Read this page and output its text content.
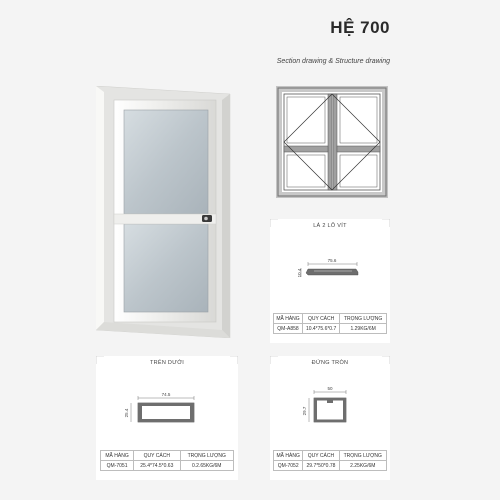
HỆ 700
Section drawing & Structure drawing
LÁ 2 LỖ VÍT
75.6
10.4
MÃ HÀNG	QUY CÁCH	TRỌNG LƯỢNG
QM-A858	10.4*75.6*0.7	1.29KG/6M
TRÊN DƯỚI
74.5
25.4
MÃ HÀNG	QUY CÁCH	TRỌNG LƯỢNG
QM-7051	25.4*74.5*0.63	0.2.65KG/6M
ĐỨNG TRÒN
50
29.7
MÃ HÀNG	QUY CÁCH	TRỌNG LƯỢNG
QM-7052	29.7*50*0.78	2.25KG/6M
